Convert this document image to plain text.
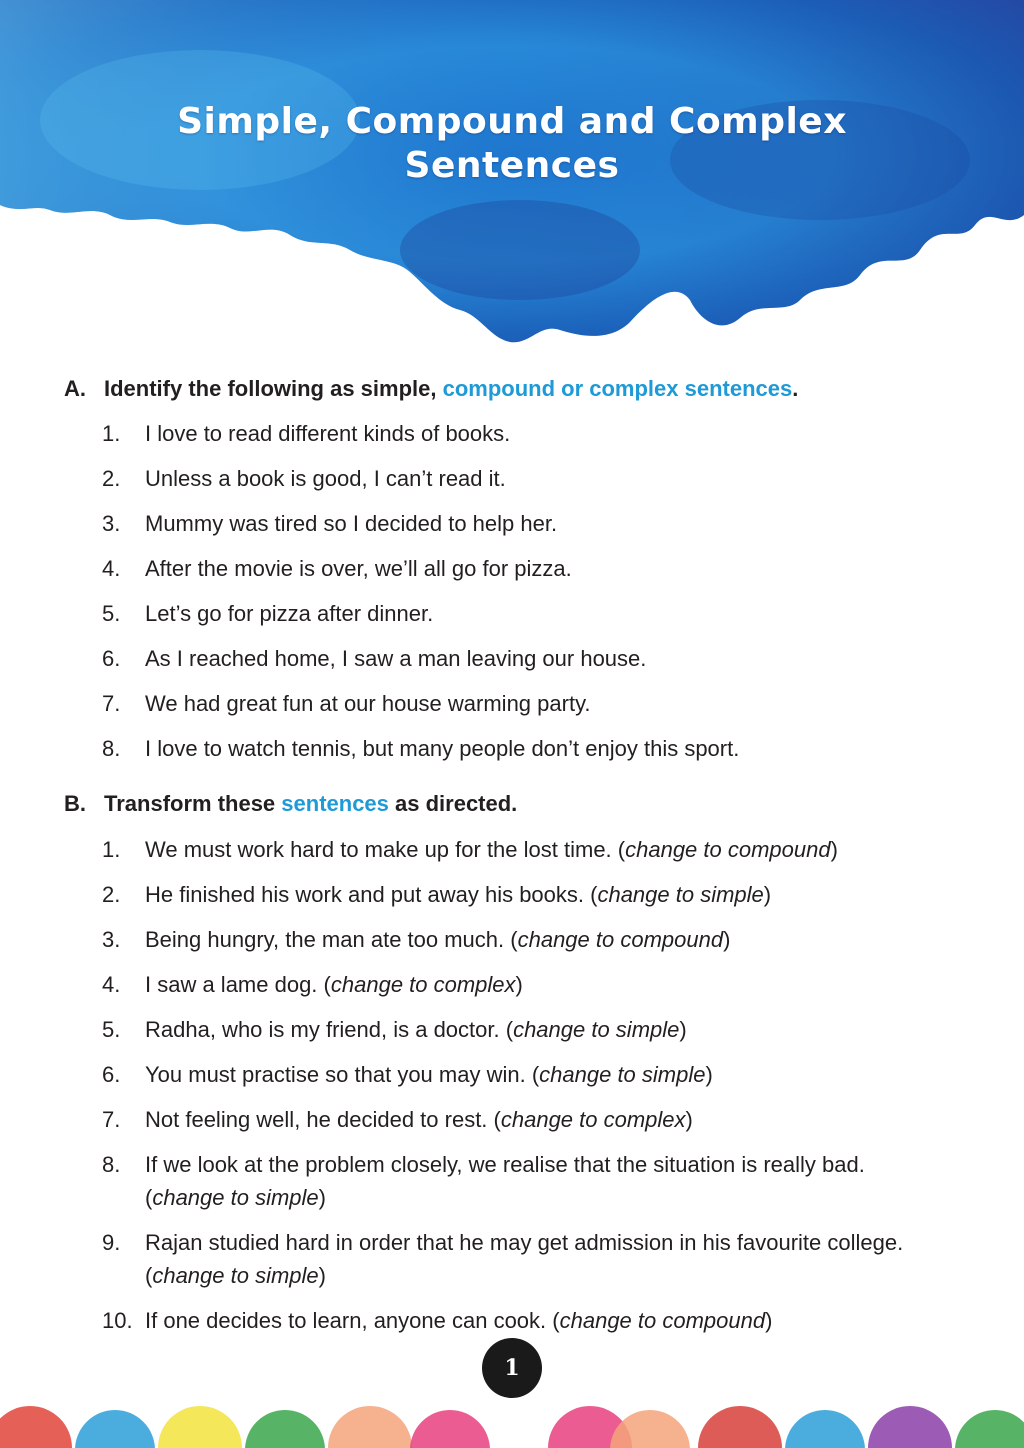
Simple, Compound and Complex
Sentences
A. Identify the following as simple, compound or complex sentences.
1. I love to read different kinds of books.
2. Unless a book is good, I can’t read it.
3. Mummy was tired so I decided to help her.
4. After the movie is over, we’ll all go for pizza.
5. Let’s go for pizza after dinner.
6. As I reached home, I saw a man leaving our house.
7. We had great fun at our house warming party.
8. I love to watch tennis, but many people don’t enjoy this sport.
B. Transform these sentences as directed.
1. We must work hard to make up for the lost time. (change to compound)
2. He finished his work and put away his books. (change to simple)
3. Being hungry, the man ate too much. (change to compound)
4. I saw a lame dog. (change to complex)
5. Radha, who is my friend, is a doctor. (change to simple)
6. You must practise so that you may win. (change to simple)
7. Not feeling well, he decided to rest. (change to complex)
8. If we look at the problem closely, we realise that the situation is really bad. (change to simple)
9. Rajan studied hard in order that he may get admission in his favourite college. (change to simple)
10. If one decides to learn, anyone can cook. (change to compound)
1
